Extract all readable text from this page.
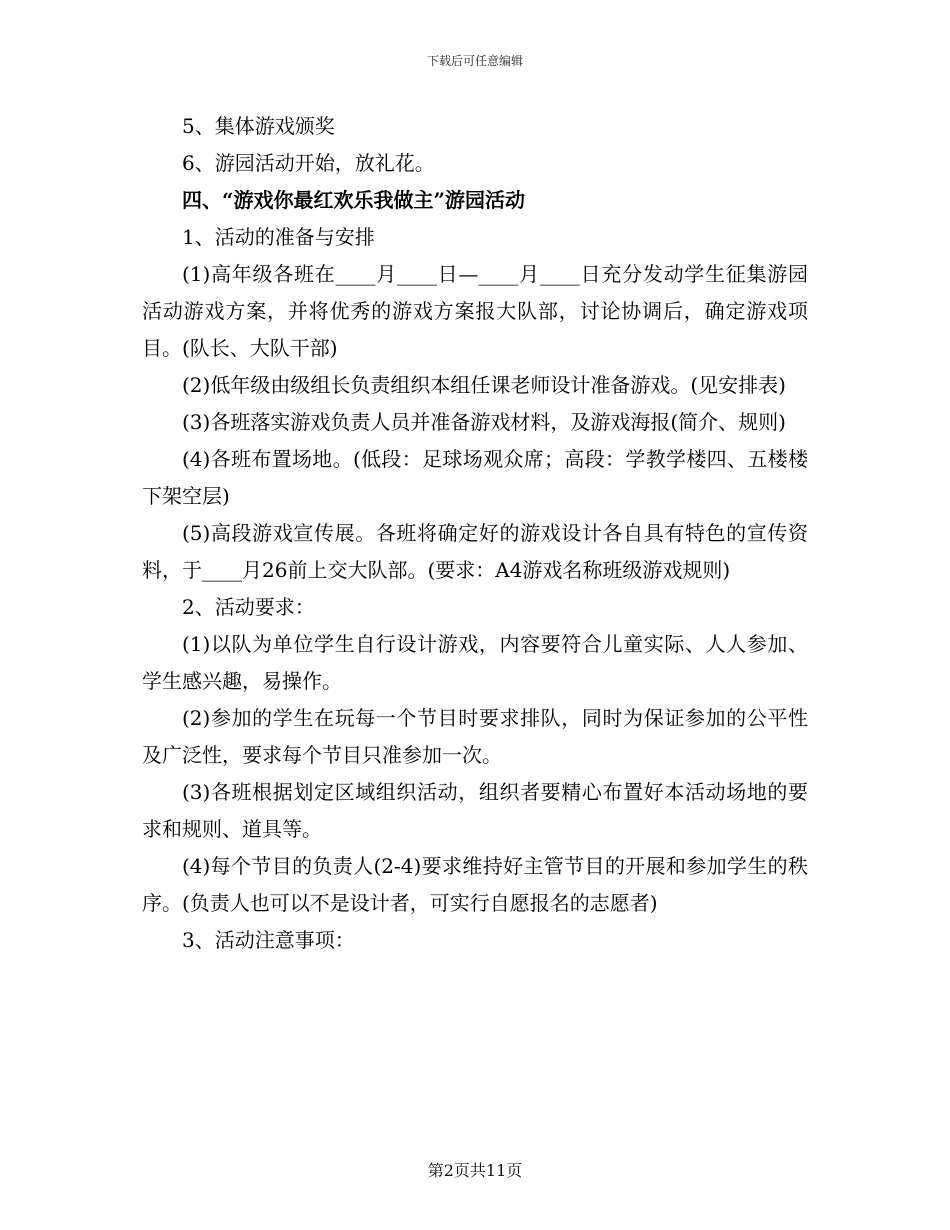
下载后可任意编辑

5、集体游戏颁奖

6、游园活动开始，放礼花。

四、“游戏你最红欢乐我做主”游园活动

1、活动的准备与安排

(1)高年级各班在____月____日—____月____日充分发动学生征集游园活动游戏方案，并将优秀的游戏方案报大队部，讨论协调后，确定游戏项目。(队长、大队干部)

(2)低年级由级组长负责组织本组任课老师设计准备游戏。(见安排表)

(3)各班落实游戏负责人员并准备游戏材料，及游戏海报(简介、规则)

(4)各班布置场地。(低段：足球场观众席；高段：学教学楼四、五楼楼下架空层)

(5)高段游戏宣传展。各班将确定好的游戏设计各自具有特色的宣传资料，于____月26前上交大队部。(要求：A4游戏名称班级游戏规则)

2、活动要求：

(1)以队为单位学生自行设计游戏，内容要符合儿童实际、人人参加、学生感兴趣，易操作。

(2)参加的学生在玩每一个节目时要求排队，同时为保证参加的公平性及广泛性，要求每个节目只准参加一次。

(3)各班根据划定区域组织活动，组织者要精心布置好本活动场地的要求和规则、道具等。

(4)每个节目的负责人(2-4)要求维持好主管节目的开展和参加学生的秩序。(负责人也可以不是设计者，可实行自愿报名的志愿者)

3、活动注意事项：

第2页共11页
